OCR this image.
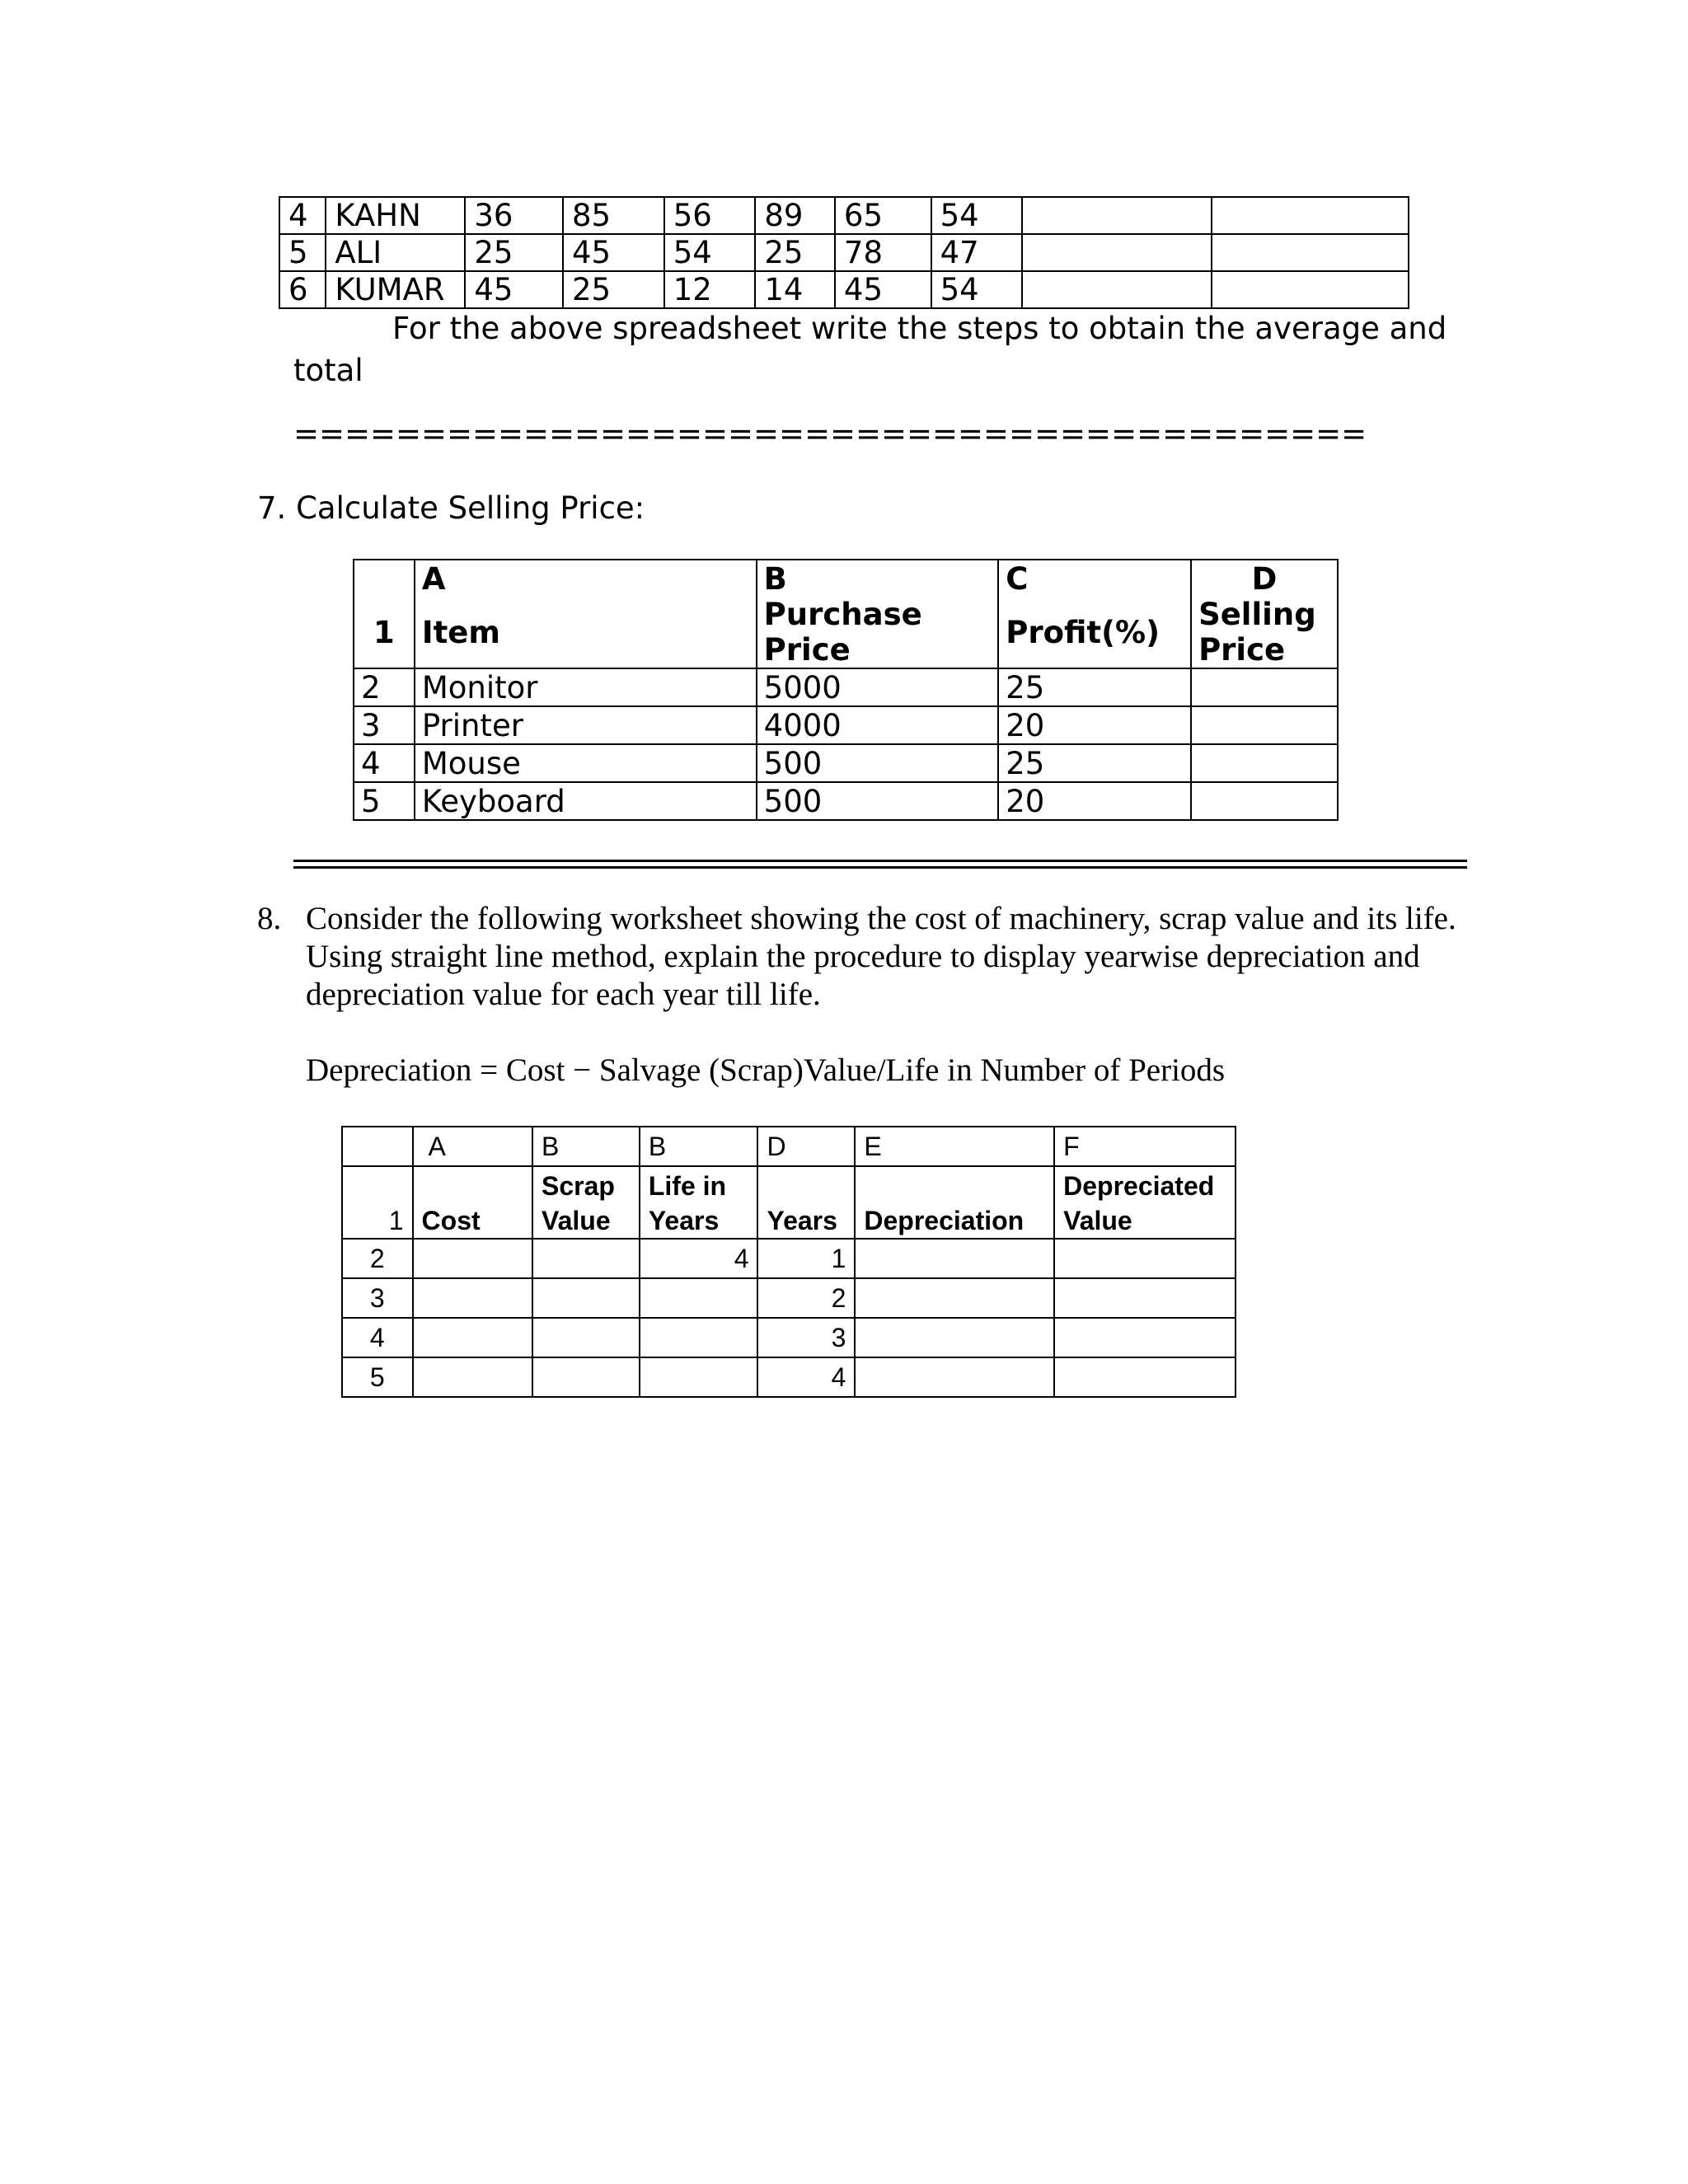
4	KAHN	36	85	56	89	65	54		
5	ALI	25	45	54	25	78	47		
6	KUMAR	45	25	12	14	45	54		
For the above spreadsheet write the steps to obtain the average and
total
==========================================
7. Calculate Selling Price:
	A	B	C	D
1	Item	Purchase Price	Profit(%)	Selling Price
2	Monitor	5000	25	
3	Printer	4000	20	
4	Mouse	500	25	
5	Keyboard	500	20	
8. Consider the following worksheet showing the cost of machinery, scrap value and its life. Using straight line method, explain the procedure to display yearwise depreciation and depreciation value for each year till life.
Depreciation = Cost − Salvage (Scrap)Value/Life in Number of Periods
	A	B	B	D	E	F
1	Cost	Scrap Value	Life in Years	Years	Depreciation	Depreciated Value
2			4	1		
3				2		
4				3		
5				4		
